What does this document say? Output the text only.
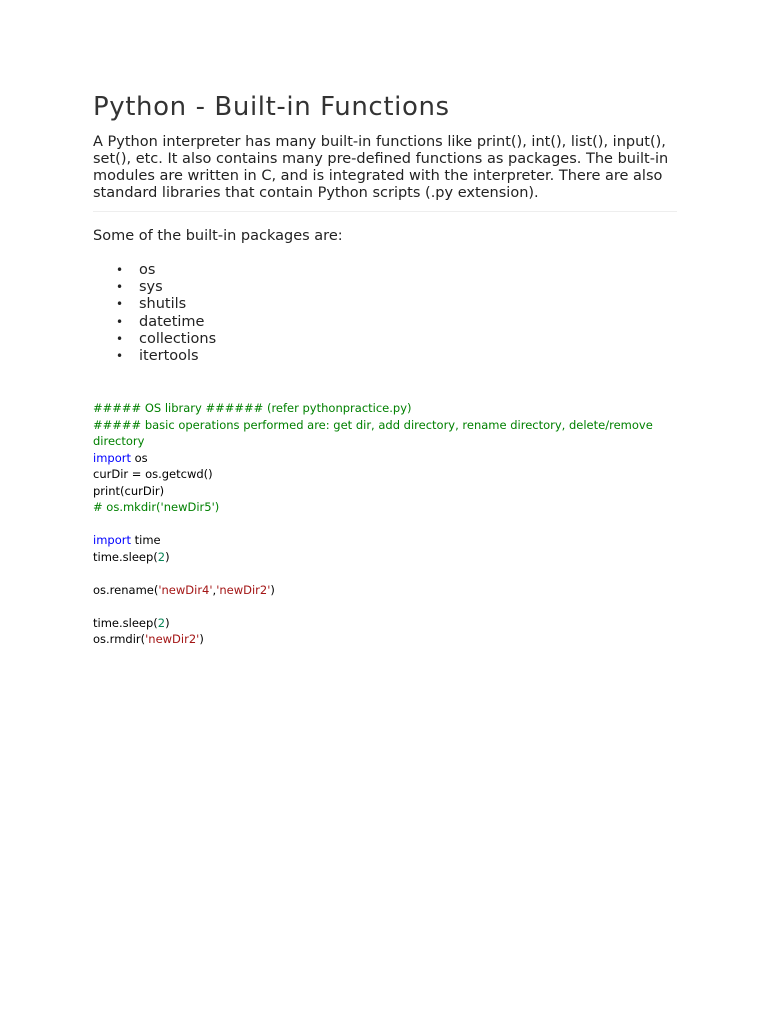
Python - Built-in Functions

A Python interpreter has many built-in functions like print(), int(), list(), input(), set(), etc. It also contains many pre-defined functions as packages. The built-in modules are written in C, and is integrated with the interpreter. There are also standard libraries that contain Python scripts (.py extension).

Some of the built-in packages are:

• os
• sys
• shutils
• datetime
• collections
• itertools
##### OS library ###### (refer pythonpractice.py)
##### basic operations performed are: get dir, add directory, rename directory, delete/remove directory
import os
curDir = os.getcwd()
print(curDir)
# os.mkdir('newDir5')
import time
time.sleep(2)
os.rename('newDir4','newDir2')
time.sleep(2)
os.rmdir('newDir2')
